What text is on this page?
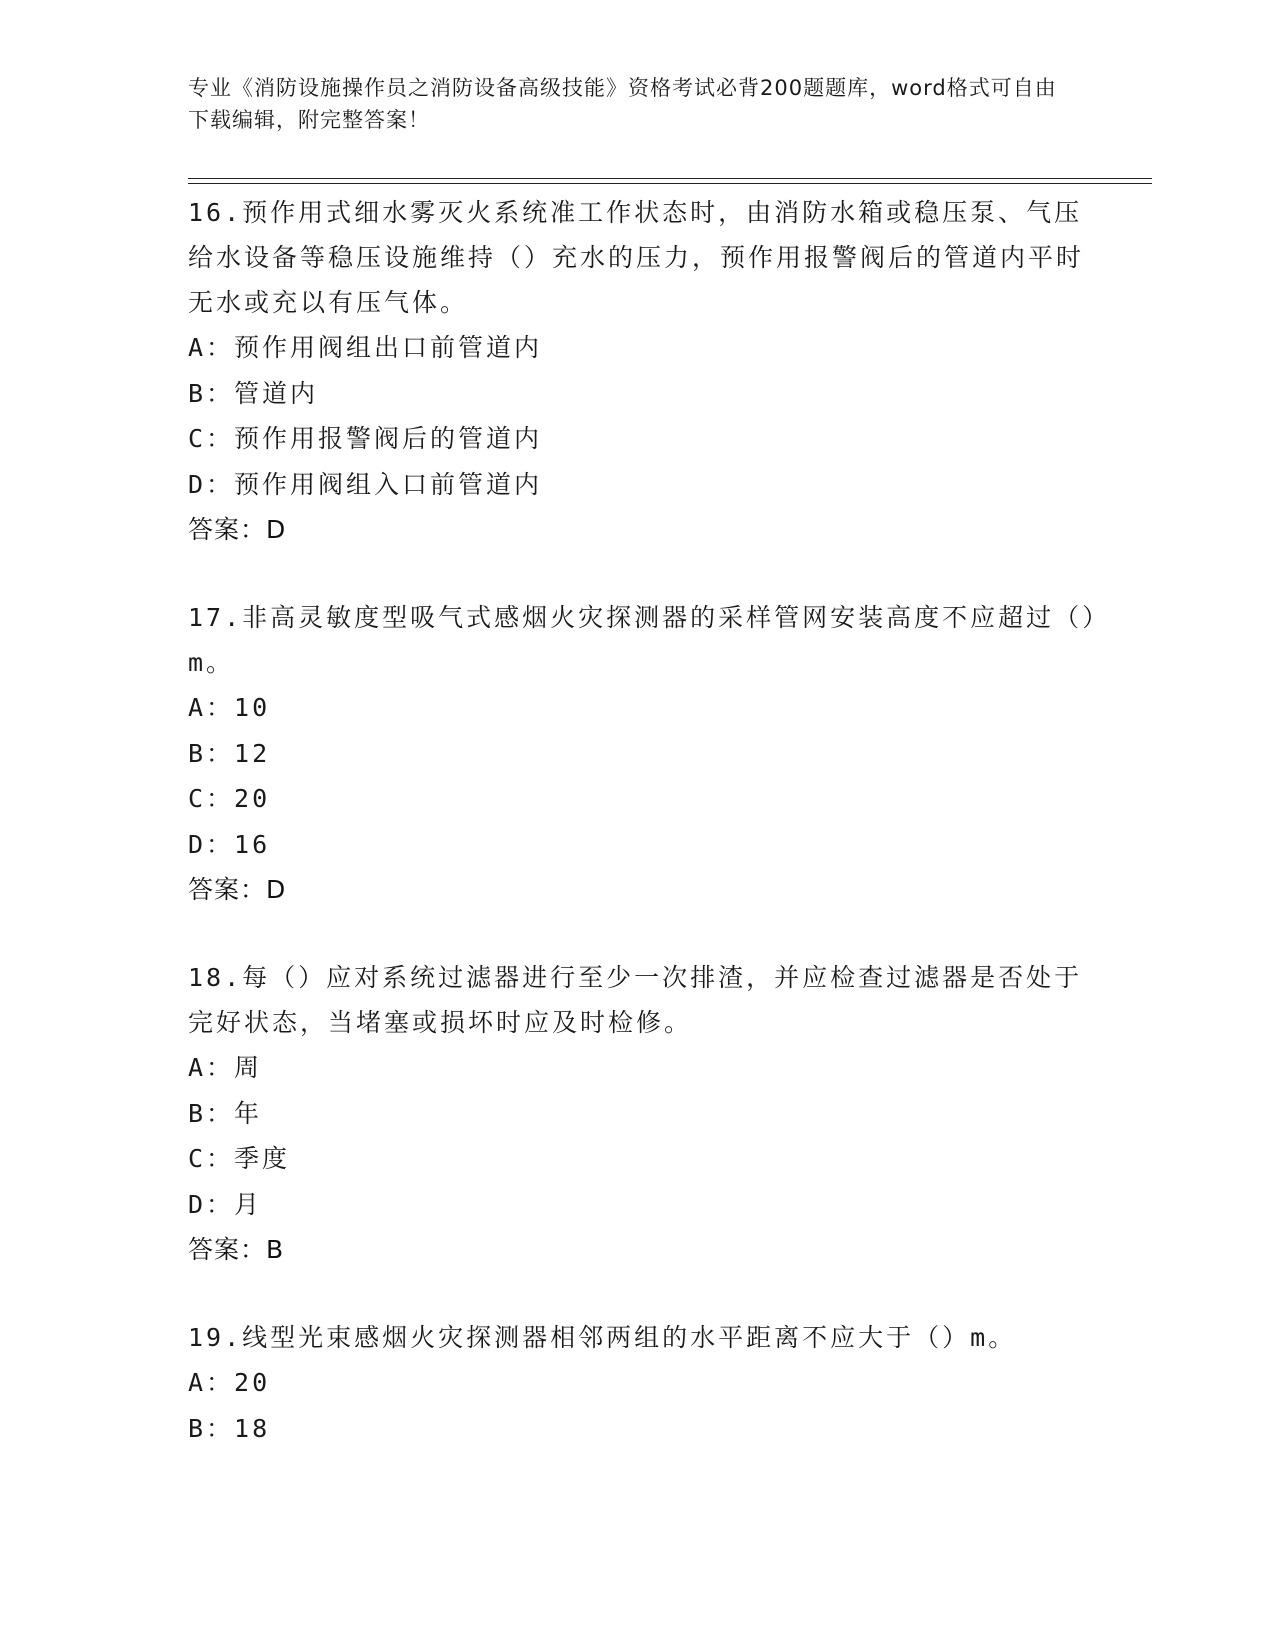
专业《消防设施操作员之消防设备高级技能》资格考试必背200题题库，word格式可自由下载编辑，附完整答案！

16.预作用式细水雾灭火系统准工作状态时，由消防水箱或稳压泵、气压给水设备等稳压设施维持（）充水的压力，预作用报警阀后的管道内平时无水或充以有压气体。

A：预作用阀组出口前管道内

B：管道内

C：预作用报警阀后的管道内

D：预作用阀组入口前管道内

答案：D

17.非高灵敏度型吸气式感烟火灾探测器的采样管网安装高度不应超过（）m。

A：10

B：12

C：20

D：16

答案：D

18.每（）应对系统过滤器进行至少一次排渣，并应检查过滤器是否处于完好状态，当堵塞或损坏时应及时检修。

A：周

B：年

C：季度

D：月

答案：B

19.线型光束感烟火灾探测器相邻两组的水平距离不应大于（）m。

A：20

B：18
